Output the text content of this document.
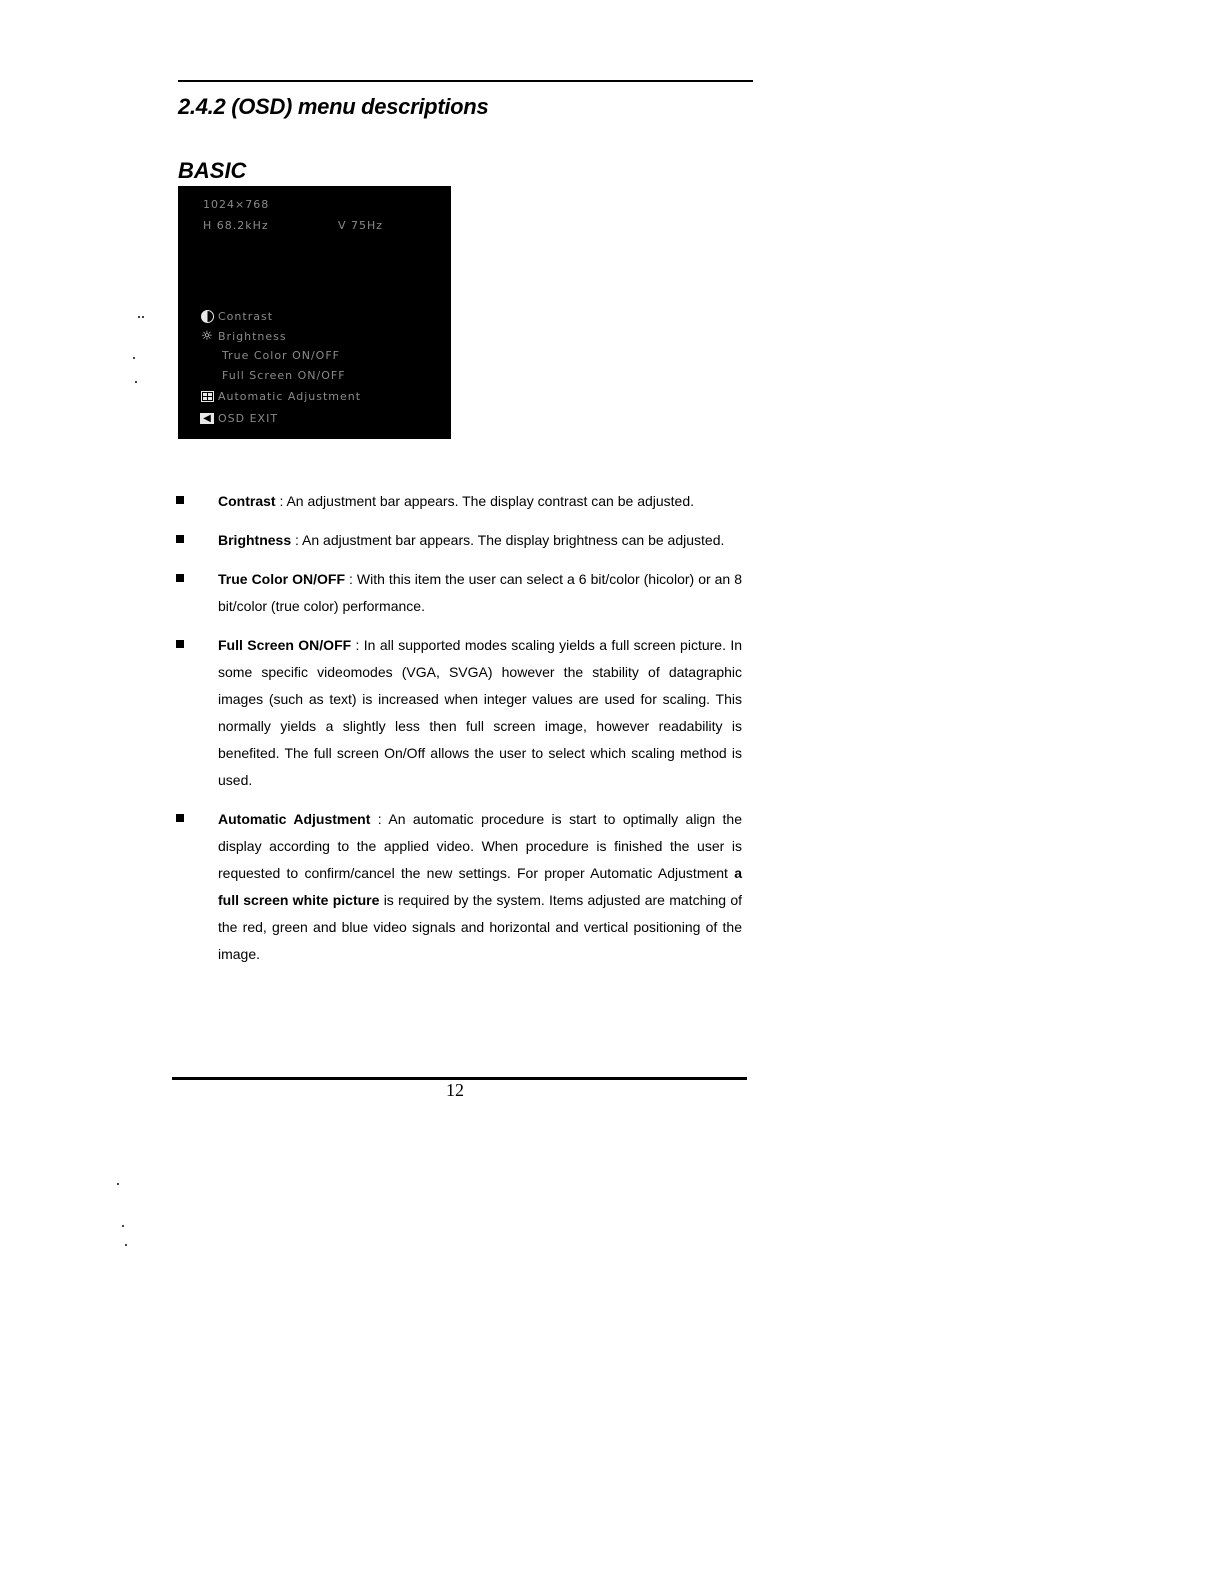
2.4.2 (OSD) menu descriptions
BASIC
1024×768
H 68.2kHz	V 75Hz
Contrast
☼ Brightness
True Color ON/OFF
Full Screen ON/OFF
Automatic Adjustment
◀ OSD EXIT
Contrast : An adjustment bar appears. The display contrast can be adjusted.
Brightness : An adjustment bar appears. The display brightness can be adjusted.
True Color ON/OFF : With this item the user can select a 6 bit/color (hicolor) or an 8 bit/color (true color) performance.
Full Screen ON/OFF : In all supported modes scaling yields a full screen picture. In some specific videomodes (VGA, SVGA) however the stability of datagraphic images (such as text) is increased when integer values are used for scaling. This normally yields a slightly less then full screen image, however readability is benefited. The full screen On/Off allows the user to select which scaling method is used.
Automatic Adjustment : An automatic procedure is start to optimally align the display according to the applied video. When procedure is finished the user is requested to confirm/cancel the new settings. For proper Automatic Adjustment a full screen white picture is required by the system. Items adjusted are matching of the red, green and blue video signals and horizontal and vertical positioning of the image.
12
